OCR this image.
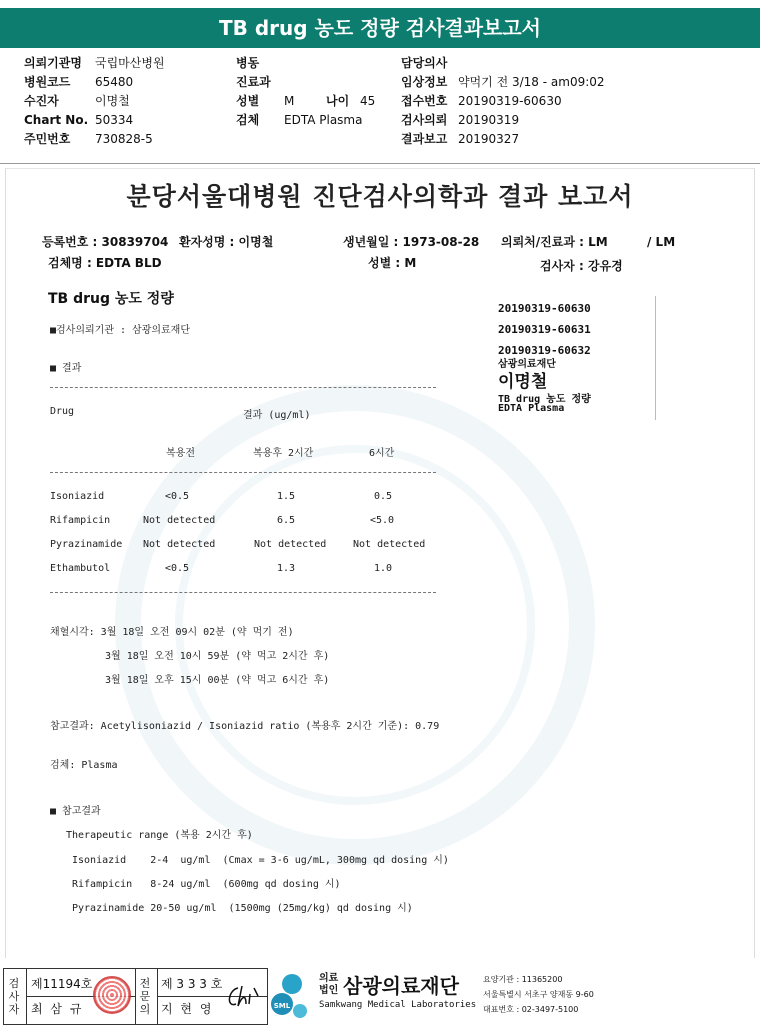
TB drug 농도 정량 검사결과보고서
의뢰기관명 국립마산병원
병원코드 65480
수진자	이명철
Chart No. 50334
주민번호 730828-5
병동
진료과
성별 M	나이 45
검체 EDTA Plasma
담당의사
임상정보 약먹기 전 3/18 - am09:02
접수번호 20190319-60630
검사의뢰 20190319
결과보고 20190327
분당서울대병원 진단검사의학과 결과 보고서
등록번호 : 30839704 환자성명 : 이명철	생년월일 : 1973-08-28 의뢰처/진료과 : LM	/ LM
검체명 : EDTA BLD	성별 : M	검사자 : 강유경
TB drug 농도 정량
■검사의뢰기관 : 삼광의료재단
■ 결과
Drug	결과 (ug/ml)
복용전	복용후 2시간	6시간
Isoniazid	<0.5	1.5	0.5
Rifampicin	Not detected	6.5	<5.0
Pyrazinamide Not detected	Not detected	Not detected
Ethambutol	<0.5	1.3	1.0
채혈시각: 3월 18일 오전 09시 02분 (약 먹기 전)
3월 18일 오전 10시 59분 (약 먹고 2시간 후)
3월 18일 오후 15시 00분 (약 먹고 6시간 후)
참고결과: Acetylisoniazid / Isoniazid ratio (복용후 2시간 기준): 0.79
검체: Plasma
■ 참고결과
Therapeutic range (복용 2시간 후)
Isoniazid    2-4  ug/ml  (Cmax = 3-6 ug/mL, 300mg qd dosing 시)
Rifampicin   8-24 ug/ml  (600mg qd dosing 시)
Pyrazinamide 20-50 ug/ml  (1500mg (25mg/kg) qd dosing 시)
20190319-60630
20190319-60631
20190319-60632
삼광의료재단
이명철
TB drug 농도 정량
EDTA Plasma
검
사
자
제11194호
최 삼 규
전
문
의
제 3 3 3 호
지 현 영	SML
의료
법인 삼광의료재단
Samkwang Medical Laboratories
요양기관 : 11365200
서울특별시 서초구 양재동 9-60
대표번호 : 02-3497-5100
